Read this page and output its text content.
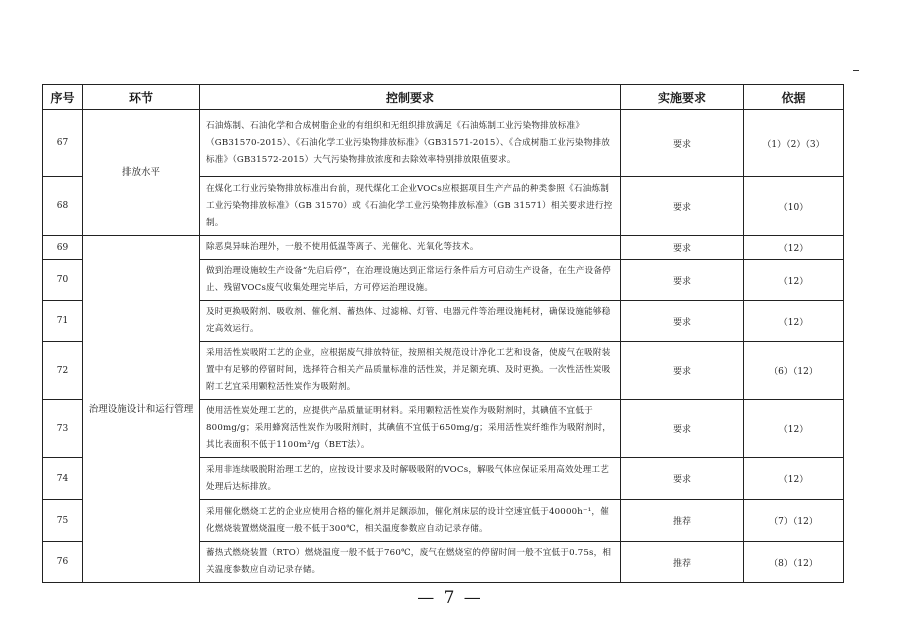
序号	环节	控制要求	实施要求	依据
67	排放水平	石油炼制、石油化学和合成树脂企业的有组织和无组织排放满足《石油炼制工业污染物排放标准》（GB31570-2015）、《石油化学工业污染物排放标准》（GB31571-2015）、《合成树脂工业污染物排放标准》（GB31572-2015）大气污染物排放浓度和去除效率特别排放限值要求。	要求	（1）（2）（3）
68		在煤化工行业污染物排放标准出台前，现代煤化工企业VOCs应根据项目生产产品的种类参照《石油炼制工业污染物排放标准》（GB 31570）或《石油化学工业污染物排放标准》（GB 31571）相关要求进行控制。	要求	（10）
69	治理设施设计和运行管理	除恶臭异味治理外，一般不使用低温等离子、光催化、光氧化等技术。	要求	（12）
70		做到治理设施较生产设备“先启后停”，在治理设施达到正常运行条件后方可启动生产设备，在生产设备停止、残留VOCs废气收集处理完毕后，方可停运治理设施。	要求	（12）
71		及时更换吸附剂、吸收剂、催化剂、蓄热体、过滤棉、灯管、电器元件等治理设施耗材，确保设施能够稳定高效运行。	要求	（12）
72		采用活性炭吸附工艺的企业，应根据废气排放特征，按照相关规范设计净化工艺和设备，使废气在吸附装置中有足够的停留时间，选择符合相关产品质量标准的活性炭，并足额充填、及时更换。一次性活性炭吸附工艺宜采用颗粒活性炭作为吸附剂。	要求	（6）（12）
73		使用活性炭处理工艺的，应提供产品质量证明材料。采用颗粒活性炭作为吸附剂时，其碘值不宜低于800mg/g；采用蜂窝活性炭作为吸附剂时，其碘值不宜低于650mg/g；采用活性炭纤维作为吸附剂时，其比表面积不低于1100m²/g（BET法）。	要求	（12）
74		采用非连续吸脱附治理工艺的，应按设计要求及时解吸吸附的VOCs，解吸气体应保证采用高效处理工艺处理后达标排放。	要求	（12）
75		采用催化燃烧工艺的企业应使用合格的催化剂并足额添加，催化剂床层的设计空速宜低于40000h⁻¹，催化燃烧装置燃烧温度一般不低于300℃，相关温度参数应自动记录存储。	推荐	（7）（12）
76		蓄热式燃烧装置（RTO）燃烧温度一般不低于760℃，废气在燃烧室的停留时间一般不宜低于0.75s，相关温度参数应自动记录存储。	推荐	（8）（12）
— 7 —
